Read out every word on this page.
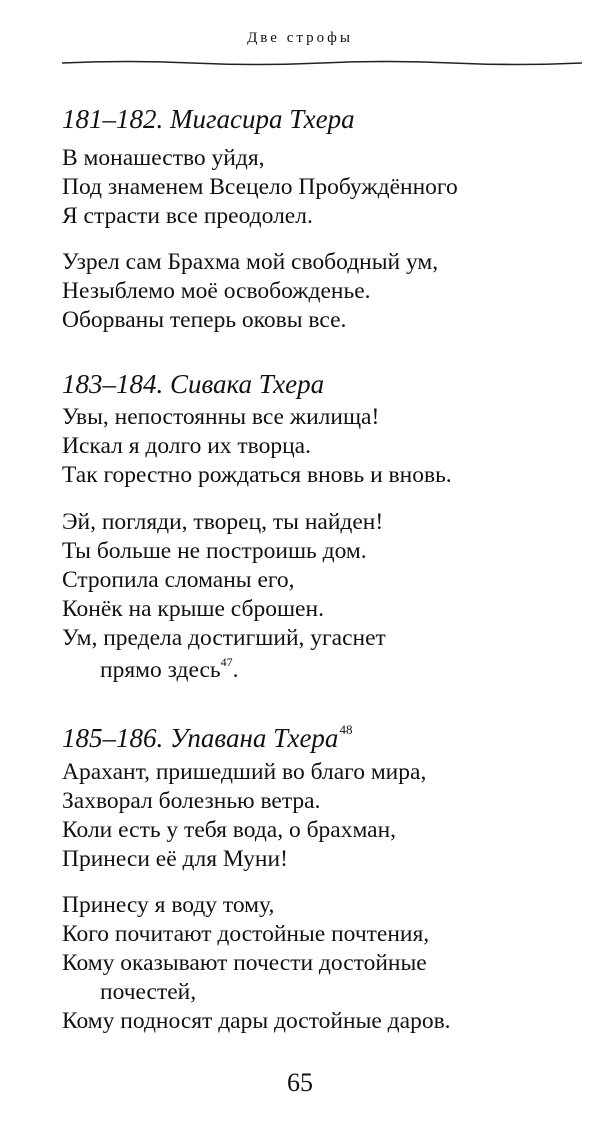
Две строфы
181–182. Мигасира Тхера
В монашество уйдя,
Под знаменем Всецело Пробуждённого
Я страсти все преодолел.
Узрел сам Брахма мой свободный ум,
Незыблемо моё освобожденье.
Оборваны теперь оковы все.
183–184. Сивака Тхера
Увы, непостоянны все жилища!
Искал я долго их творца.
Так горестно рождаться вновь и вновь.
Эй, погляди, творец, ты найден!
Ты больше не построишь дом.
Стропила сломаны его,
Конёк на крыше сброшен.
Ум, предела достигший, угаснет
прямо здесь$^{47}$.
185–186. Упавана Тхера$^{48}$
Арахант, пришедший во благо мира,
Захворал болезнью ветра.
Коли есть у тебя вода, о брахман,
Принеси её для Муни!
Принесу я воду тому,
Кого почитают достойные почтения,
Кому оказывают почести достойные
почестей,
Кому подносят дары достойные даров.
65
